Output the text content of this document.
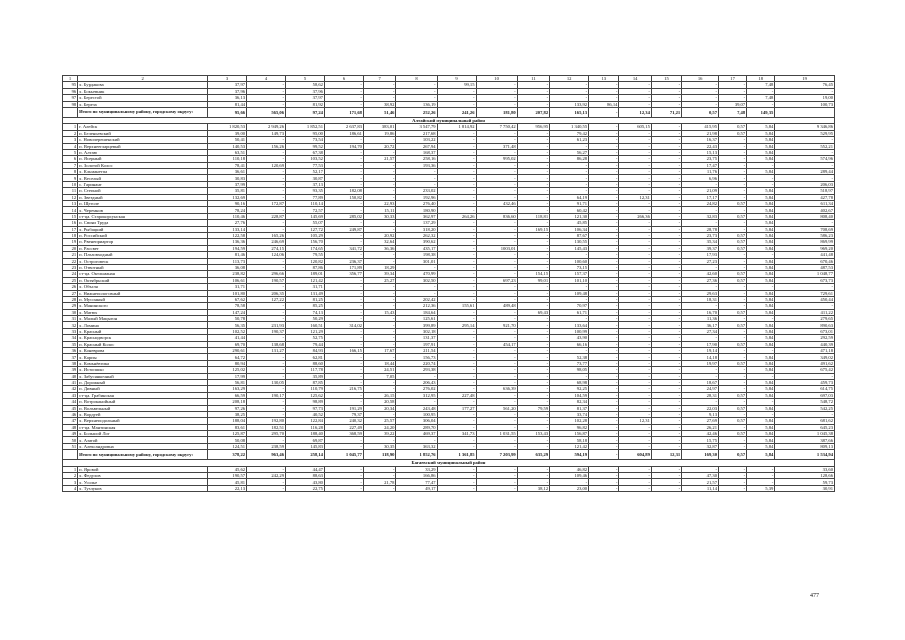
1	2	3	4	5	6	7	8	9	10	11	12	13	14	15	16	17	18	19
95	х. Бурдакова	37,97	-	58,62	-	-	-	99,15	-	-	-	-	-	-	-	-	7,48	76,45
96	х. Бокьевник	37,96	-	37,96	-	-	-	-	-	-	-	-	-	-	-	-	-	-
97	х. Берестой	36,13	-	37,97	-	-	-	-	-	-	-	-	-	-	-	-	7,48	19,00
98	х. Береза	81,44	-	81,92	-	38,92	136,19	-	-	-	133,92	86,14	-	-	-	39,07	-	100,73
	Итого по муниципальному району, городскому округу:	95,66	565,06	97,24	171,68	51,46	252,26	241,26	181,80	207,82	165,13	-	12,34	71,21	0,57	7,48	149,35	
Алтайский муниципальный район																		
1	г. Алейск	1 820,53	2 949,26	1 852,51	2 637,83	383,01	3 547,79	1 814,92	7 750,42	956,95	1 340,55	-	605,15	-	415,95	0,57	5,84	9 346,86
2	п. Беленьевский	39,00	149,73	95,00	186,61	19,86	217,68	-	-	-	79,42	-	-	-	21,98	0,57	5,84	529,95
3	с. Новоперешенский	50,41	-	73,54	-	-	103,22	-	-	-	61,23	-	-	-	16,37	-	5,84	-
4	п. Верхнеегларцевый	140,53	156,26	99,52	194,70	20,72	267,94	-	371,48	-	-	-	-	-	22,43	-	5,84	552,21
5	п. Алтаю	63,51	-	67,38	-	-	168,37	-	-	-	56,27	-	-	-	15,13	-	5,84	-
6	п. Ясерный	110,18	-	103,52	-	21,57	258,16	-	995,02	-	86,28	-	-	-	23,75	-	5,84	574,96
7	п. Золотой Колос	78,41	120,69	77,53	-	-	193,36	-	-	-	-	-	-	-	17,47	-	-	-
8	х. Кльманетпа	36,61	-	52,17	-	-	-	-	-	-	-	-	-	-	11,76	-	5,84	289,44
9	х. Веселый	30,83	-	30,87	-	-	-	-	-	-	-	-	-	-	6,96	-	-	-
10	с. Гаринант	37,99	-	37,13	-	-	-	-	-	-	-	-	-	-	-	-	-	206,03
11	п. Степной	35,81	-	93,35	182,08	-	233,02	-	-	-	-	-	-	-	21,09	-	5,84	518,97
12	п. Звездный	132,69	-	77,89	150,82	-	192,96	-	-	-	64,19	-	12,31	-	17,17	-	5,84	427,78
13	п. Щеголе	90,16	172,87	110,14	-	22,93	276,40	-	432,46	-	91,71	-	-	-	24,82	0,57	5,84	611,34
14	х. Черемнов	78,24	-	72,57	-	15,11	180,90	-	-	-	60,42	-	-	-	-	-	5,84	402,67
15	ст-ца. Старокорсунская	110,46	228,87	145,69	285,02	30,33	362,97	264,26	836,60	118,81	121,30	-	266,36	-	32,83	0,57	5,84	808,40
16	п. Свояи Труда	27,76	-	55,07	-	-	137,29	-	-	-	45,85	-	-	-	-	-	5,84	-
17	х. Рыбацкий	133,14	-	127,72	249,87	-	318,20	-	-	169,15	106,34	-	-	-	28,78	-	5,84	708,69
18	п. Российский	122,58	165,26	105,29	-	20,92	262,32	-	-	-	87,67	-	-	-	23,73	0,57	5,84	586,23
19	п. Рвенеприартор	136,36	246,69	156,70	-	32,64	390,62	-	-	-	130,55	-	-	-	35,34	0,57	5,84	869,99
20	п. Рассвет	194,59	274,15	174,65	341,72	36,36	435,17	-	1003,01	-	145,43	-	-	-	39,37	0,57	5,84	969,20
21	п. Пльзовходный	81,46	124,06	79,55	-	-	198,38	-	-	-	-	-	-	-	17,93	-	-	441,48
22	х. Остроговеск	113,73	-	120,82	236,37	-	301,01	-	-	-	100,60	-	-	-	27,23	-	5,84	670,46
23	п. Отвотный	36,08	-	87,86	171,89	18,29	-	-	-	-	73,15	-	-	-	-	-	5,84	487,53
24	ст-ца. Октльманая	238,82	296,66	189,01	356,77	39,34	470,99	-	-	154,15	157,37	-	-	-	42,60	0,57	5,84	1 048,77
25	п. Октябрьский	106,61	190,57	121,42	-	25,27	302,50	-	697,23	99,01	101,10	-	-	-	27,36	0,57	5,84	673,73
26	х. Объгля	31,71	-	31,71	-	-	-	-	-	-	-	-	-	-	-	-	-	-
27	с. Нижнепологсвный	101,80	206,35	131,49	-	-	-	-	-	-	109,48	-	-	-	29,63	-	5,84	729,61
28	п. Мусонный	67,62	127,22	81,25	-	-	202,42	-	-	-	-	-	-	-	18,31	-	5,84	450,44
29	х. Манинского	78,58	-	85,25	-	-	212,36	155,61	489,48	-	70,97	-	-	-	-	-	5,84	-
30	х. Матюх	147,24	-	74,13	-	15,43	184,64	-	-	69,43	61,71	-	-	-	16,70	0,57	5,84	411,22
31	х. Малый Мацыгон	50,78	-	50,29	-	-	125,61	-	-	-	-	-	-	-	11,36	-	-	279,65
32	х. Ломина	56,35	231,93	160,51	314,02	-	399,89	295,14	921,70	-	133,64	-	-	-	36,17	0,57	5,84	890,63
33	х. Красный	102,52	190,37	121,29	-	-	302,18	-	-	-	100,99	-	-	-	27,34	-	5,84	673,01
34	х. Краснодворск	41,44	-	52,75	-	-	131,37	-	-	-	43,90	-	-	-	-	-	5,84	292,59
35	п. Красный Колос	69,70	138,68	79,44	-	-	197,91	-	454,17	-	66,16	-	-	-	17,90	0,57	5,84	440,39
36	х. Коневрова	290,61	131,27	84,93	166,15	17,67	211,54	-	-	-	-	-	-	-	19,14	-	-	471,18
37	х. Карпы	64,72	-	62,81	-	-	156,73	-	-	-	52,38	-	-	-	14,18	-	5,84	349,02
38	х. Комьнёвтика	80,94	-	88,60	-	18,44	220,74	-	-	-	73,77	-	-	-	19,97	0,57	5,84	491,62
39	х. Истопшко	125,02	-	117,78	-	24,51	293,38	-	-	-	98,05	-	-	-	-	-	5,84	675,42
40	х. Забусянкочный	17,99	-	35,89	-	7,05	-	-	-	-	-	-	-	-	-	-	-	-
41	п. Дорожный	56,81	130,05	87,85	-	-	206,43	-	-	-	68,98	-	-	-	18,67	-	5,84	459,73
42	п. Дивный	163,29	-	110,79	216,75	-	276,02	-	636,39	-	92,25	-	-	-	24,97	-	5,84	614,75
43	ст-ца. Грабинская	66,59	190,17	125,62	-	26,15	312,95	227,48	-	-	104,59	-	-	-	28,31	0,57	5,84	697,03
44	п. Вотроканойный	208,18	-	98,89	-	20,58	-	-	-	-	82,34	-	-	-	-	-	-	548,72
45	п. Вольвельный	97,26	-	97,73	191,29	20,34	243,48	177,27	561,20	79,59	81,37	-	-	-	22,03	0,57	5,84	542,25
46	х. Вордуей	38,25	-	40,52	79,37	-	100,95	-	-	-	33,74	-	-	-	9,13	-	-	-
47	х. Верхнеподольный	188,04	192,80	122,84	240,32	25,57	306,04	-	-	-	102,28	-	12,31	-	27,69	0,57	5,84	681,62
48	ст-ца. Мантинская	83,61	182,51	116,28	227,49	24,20	289,70	-	-	-	96,82	-	-	-	26,21	-	5,84	645,23
49	х. Большой Лог	125,87	295,70	188,40	368,59	39,22	469,37	341,73	1 031,55	153,43	156,87	-	-	-	42,46	0,57	5,84	1 045,38
50	х. Азатой	50,08	-	69,87	-	-	-	-	-	-	58,18	-	-	-	15,75	-	5,84	387,66
51	х. Александровна	124,51	238,59	145,83	-	30,35	363,32	-	-	-	121,42	-	-	-	32,87	-	5,84	809,13
	Итого по муниципальному району, городскому округу:	378,22	963,46	258,14	1 045,77	118,90	1 852,76	1 361,85	7 203,99	635,29	594,19	-	604,89	12,31	169,30	0,57	5,84	1 534,94
Багаевский муниципальный район																		
1	п. Яровой	45,62	-	44,47	-	-	33,29	-	-	-	46,82	-	-	-	-	-	-	33,60
2	х. Федулов	190,57	242,29	88,63	-	-	166,86	-	-	-	109,46	-	-	-	47,30	-	-	128,66
3	х. Усолье	45,81	-	43,80	-	21,78	77,47	-	-	-	-	-	-	-	21,57	-	-	59,73
4	х. Тузлуков	22,13	-	22,75	-	-	49,17	-	-	38,12	23,00	-	-	-	11,14	-	5,39	30,91
477
